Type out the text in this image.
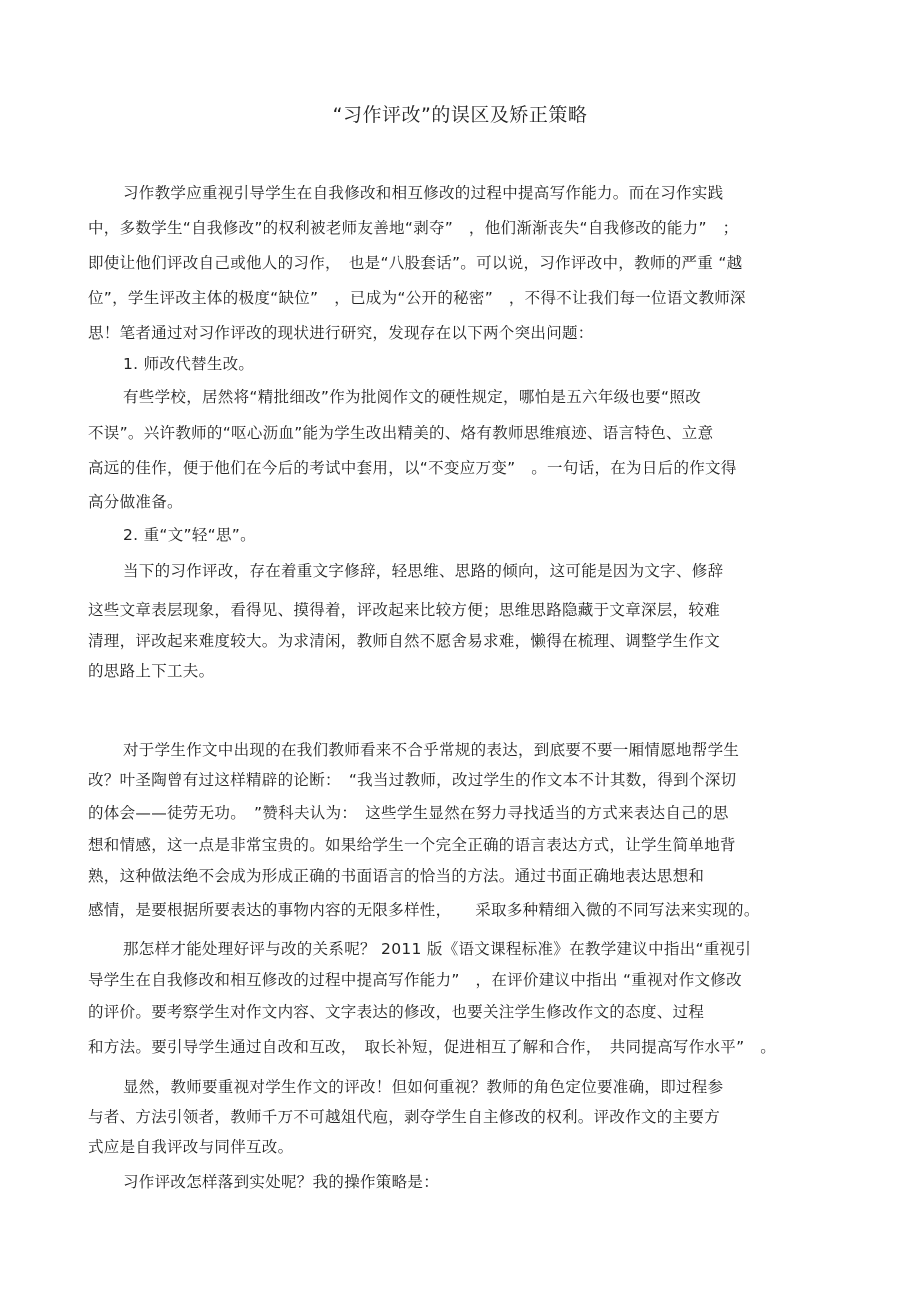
“习作评改”的误区及矫正策略
习作教学应重视引导学生在自我修改和相互修改的过程中提高写作能力。而在习作实践
中，多数学生“自我修改”的权利被老师友善地“剥夺”　，他们渐渐丧失“自我修改的能力”　；
即使让他们评改自己或他人的习作，　也是“八股套话”。可以说，习作评改中，教师的严重 “越
位”，学生评改主体的极度“缺位”　，已成为“公开的秘密”　，不得不让我们每一位语文教师深
思！笔者通过对习作评改的现状进行研究，发现存在以下两个突出问题：
1. 师改代替生改。
有些学校，居然将“精批细改”作为批阅作文的硬性规定，哪怕是五六年级也要“照改
不误”。兴许教师的“呕心沥血”能为学生改出精美的、烙有教师思维痕迹、语言特色、立意
高远的佳作，便于他们在今后的考试中套用，以“不变应万变”　。一句话，在为日后的作文得
高分做准备。
2. 重“文”轻“思”。
当下的习作评改，存在着重文字修辞，轻思维、思路的倾向，这可能是因为文字、修辞
这些文章表层现象，看得见、摸得着，评改起来比较方便；思维思路隐藏于文章深层，较难
清理，评改起来难度较大。为求清闲，教师自然不愿舍易求难，懒得在梳理、调整学生作文
的思路上下工夫。
对于学生作文中出现的在我们教师看来不合乎常规的表达，到底要不要一厢情愿地帮学生
改？叶圣陶曾有过这样精辟的论断：　“我当过教师，改过学生的作文本不计其数，得到个深切
的体会——徒劳无功。　”赞科夫认为：　这些学生显然在努力寻找适当的方式来表达自己的思
想和情感，这一点是非常宝贵的。如果给学生一个完全正确的语言表达方式，让学生简单地背
熟，这种做法绝不会成为形成正确的书面语言的恰当的方法。通过书面正确地表达思想和
感情，是要根据所要表达的事物内容的无限多样性，　　采取多种精细入微的不同写法来实现的。
那怎样才能处理好评与改的关系呢？ 2011 版《语文课程标准》在教学建议中指出“重视引
导学生在自我修改和相互修改的过程中提高写作能力”　，在评价建议中指出 “重视对作文修改
的评价。要考察学生对作文内容、文字表达的修改，也要关注学生修改作文的态度、过程
和方法。要引导学生通过自改和互改，　取长补短，促进相互了解和合作，　共同提高写作水平”　。
显然，教师要重视对学生作文的评改！但如何重视？教师的角色定位要准确，即过程参
与者、方法引领者，教师千万不可越俎代庖，剥夺学生自主修改的权利。评改作文的主要方
式应是自我评改与同伴互改。
习作评改怎样落到实处呢？我的操作策略是：
